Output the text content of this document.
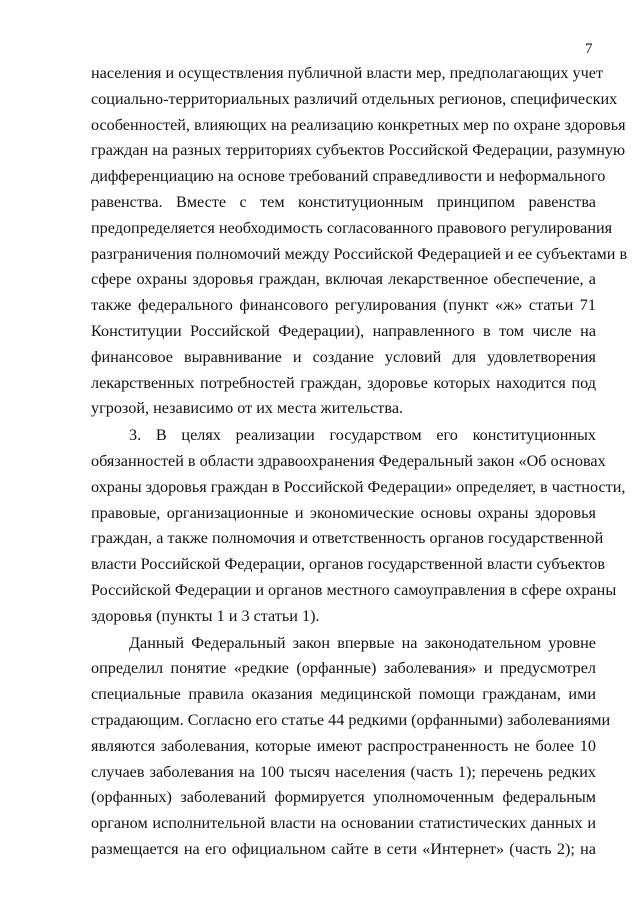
7
населения и осуществления публичной власти мер, предполагающих учет
социально-территориальных различий отдельных регионов, специфических
особенностей, влияющих на реализацию конкретных мер по охране здоровья
граждан на разных территориях субъектов Российской Федерации, разумную
дифференциацию на основе требований справедливости и неформального
равенства. Вместе с тем конституционным принципом равенства
предопределяется необходимость согласованного правового регулирования
разграничения полномочий между Российской Федерацией и ее субъектами в
сфере охраны здоровья граждан, включая лекарственное обеспечение, а
также федерального финансового регулирования (пункт «ж» статьи 71
Конституции Российской Федерации), направленного в том числе на
финансовое выравнивание и создание условий для удовлетворения
лекарственных потребностей граждан, здоровье которых находится под
угрозой, независимо от их места жительства.
3. В целях реализации государством его конституционных
обязанностей в области здравоохранения Федеральный закон «Об основах
охраны здоровья граждан в Российской Федерации» определяет, в частности,
правовые, организационные и экономические основы охраны здоровья
граждан, а также полномочия и ответственность органов государственной
власти Российской Федерации, органов государственной власти субъектов
Российской Федерации и органов местного самоуправления в сфере охраны
здоровья (пункты 1 и 3 статьи 1).
Данный Федеральный закон впервые на законодательном уровне
определил понятие «редкие (орфанные) заболевания» и предусмотрел
специальные правила оказания медицинской помощи гражданам, ими
страдающим. Согласно его статье 44 редкими (орфанными) заболеваниями
являются заболевания, которые имеют распространенность не более 10
случаев заболевания на 100 тысяч населения (часть 1); перечень редких
(орфанных) заболеваний формируется уполномоченным федеральным
органом исполнительной власти на основании статистических данных и
размещается на его официальном сайте в сети «Интернет» (часть 2); на
